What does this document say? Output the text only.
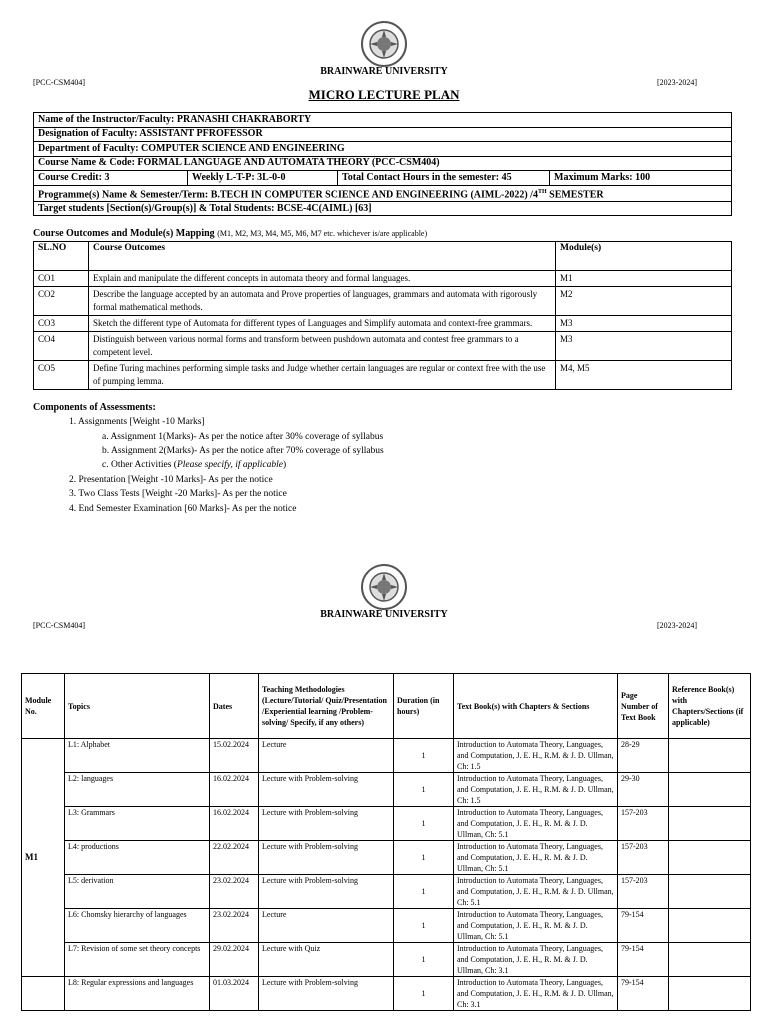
BRAINWARE UNIVERSITY
[PCC-CSM404]	[2023-2024]
MICRO LECTURE PLAN
Name of the Instructor/Faculty: PRANASHI CHAKRABORTY
Designation of Faculty: ASSISTANT PFROFESSOR
Department of Faculty: COMPUTER SCIENCE AND ENGINEERING
Course Name & Code: FORMAL LANGUAGE AND AUTOMATA THEORY (PCC-CSM404)
Course Credit: 3	Weekly L-T-P: 3L-0-0	Total Contact Hours in the semester: 45	Maximum Marks: 100
Programme(s) Name & Semester/Term: B.TECH IN COMPUTER SCIENCE AND ENGINEERING (AIML-2022) /4TH SEMESTER
Target students [Section(s)/Group(s)] & Total Students: BCSE-4C(AIML) [63]
Course Outcomes and Module(s) Mapping (M1, M2, M3, M4, M5, M6, M7 etc. whichever is/are applicable)
SL.NO	Course Outcomes	Module(s)
CO1	Explain and manipulate the different concepts in automata theory and formal languages.	M1
CO2	Describe the language accepted by an automata and Prove properties of languages, grammars and automata with rigorously formal mathematical methods.	M2
CO3	Sketch the different type of Automata for different types of Languages and Simplify automata and context-free grammars.	M3
CO4	Distinguish between various normal forms and transform between pushdown automata and contest free grammars to a competent level.	M3
CO5	Define Turing machines performing simple tasks and Judge whether certain languages are regular or context free with the use of pumping lemma.	M4, M5
Components of Assessments:
1. Assignments [Weight -10 Marks]
a. Assignment 1(Marks)- As per the notice after 30% coverage of syllabus
b. Assignment 2(Marks)- As per the notice after 70% coverage of syllabus
c. Other Activities (Please specify, if applicable)
2. Presentation [Weight -10 Marks]- As per the notice
3. Two Class Tests [Weight -20 Marks]- As per the notice
4. End Semester Examination [60 Marks]- As per the notice
BRAINWARE UNIVERSITY
[PCC-CSM404]	[2023-2024]
Module No.	Topics	Dates	Teaching Methodologies (Lecture/Tutorial/ Quiz/Presentation /Experiential learning /Problem-solving/ Specify, if any others)	Duration (in hours)	Text Book(s) with Chapters & Sections	Page Number of Text Book	Reference Book(s) with Chapters/Sections (if applicable)
M1	L1: Alphabet	15.02.2024	Lecture	1	Introduction to Automata Theory, Languages, and Computation, J. E. H., R.M. & J. D. Ullman, Ch: 1.5	28-29	
	L2: languages	16.02.2024	Lecture with Problem-solving	1	Introduction to Automata Theory, Languages, and Computation, J. E. H., R.M. & J. D. Ullman, Ch: 1.5	29-30	
	L3: Grammars	16.02.2024	Lecture with Problem-solving	1	Introduction to Automata Theory, Languages, and Computation, J. E. H., R. M. & J. D. Ullman, Ch: 5.1	157-203	
	L4: productions	22.02.2024	Lecture with Problem-solving	1	Introduction to Automata Theory, Languages, and Computation, J. E. H., R. M. & J. D. Ullman, Ch: 5.1	157-203	
	L5: derivation	23.02.2024	Lecture with Problem-solving	1	Introduction to Automata Theory, Languages, and Computation, J. E. H., R.M. & J. D. Ullman, Ch: 5.1	157-203	
	L6: Chomsky hierarchy of languages	23.02.2024	Lecture	1	Introduction to Automata Theory, Languages, and Computation, J. E. H., R. M. & J. D. Ullman, Ch: 5.1	79-154	
	L7: Revision of some set theory concepts	29.02.2024	Lecture with Quiz	1	Introduction to Automata Theory, Languages, and Computation, J. E. H., R. M. & J. D. Ullman, Ch: 3.1	79-154	
	L8: Regular expressions and languages	01.03.2024	Lecture with Problem-solving	1	Introduction to Automata Theory, Languages, and Computation, J. E. H., R.M. & J. D. Ullman, Ch: 3.1	79-154	
